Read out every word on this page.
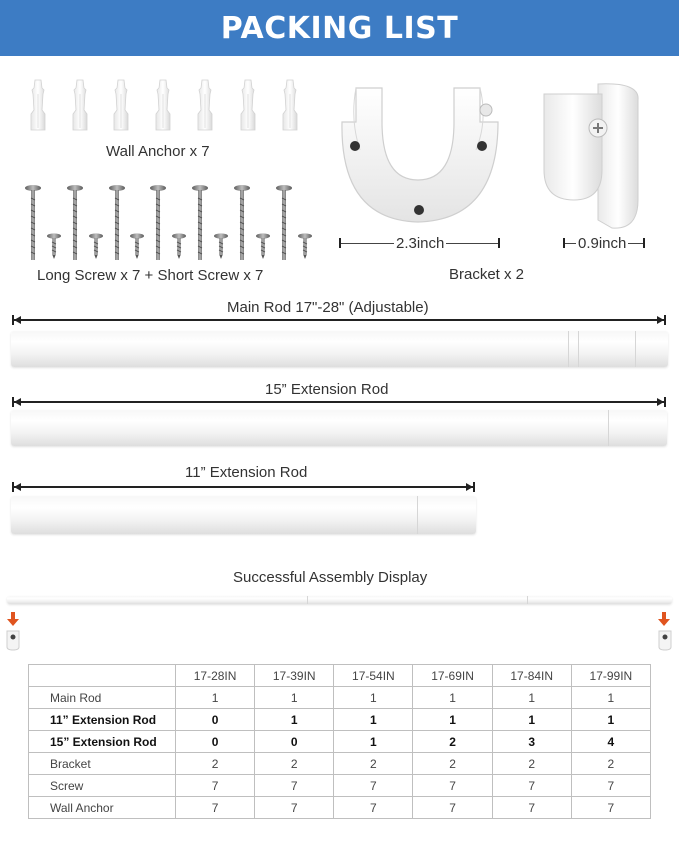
PACKING LIST
Wall Anchor x 7
Long Screw x 7 + Short Screw x 7
2.3inch	0.9inch
Bracket x 2
Main Rod 17"-28" (Adjustable)
15” Extension Rod
11” Extension Rod
Successful Assembly Display
	17-28IN	17-39IN	17-54IN	17-69IN	17-84IN	17-99IN
Main Rod	1	1	1	1	1	1
11” Extension Rod	0	1	1	1	1	1
15” Extension Rod	0	0	1	2	3	4
Bracket	2	2	2	2	2	2
Screw	7	7	7	7	7	7
Wall Anchor	7	7	7	7	7	7
